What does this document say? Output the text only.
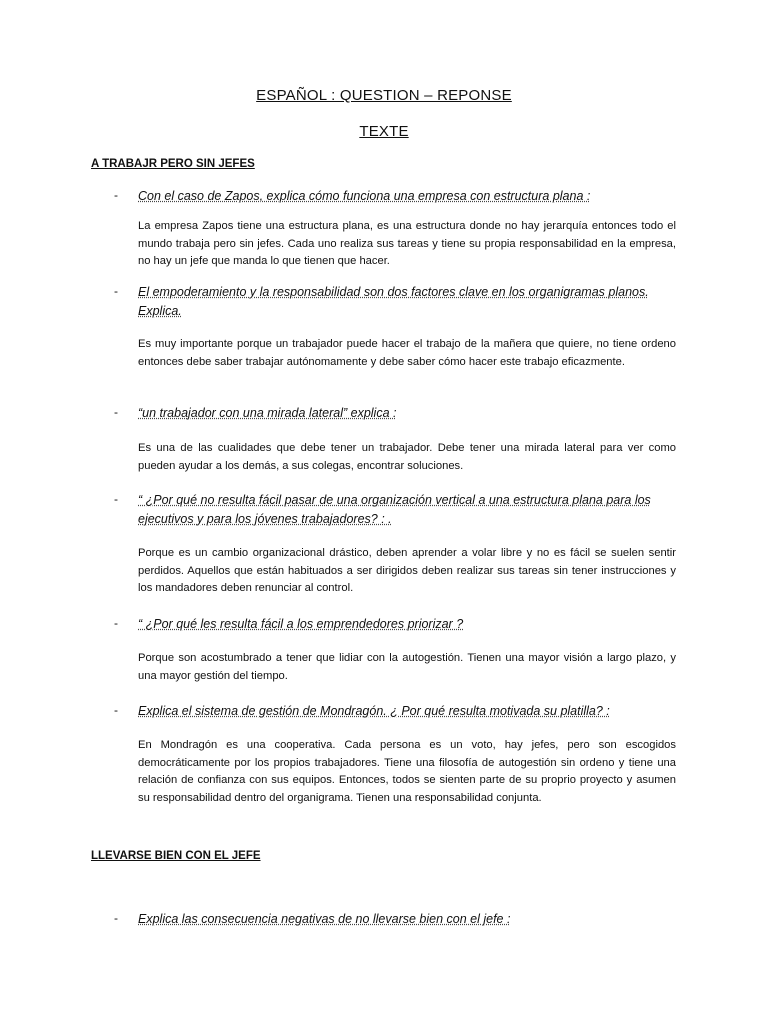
ESPAÑOL : QUESTION – REPONSE
TEXTE
A TRABAJR PERO SIN JEFES
- Con el caso de Zapos, explica cómo funciona una empresa con estructura plana :
La empresa Zapos tiene una estructura plana, es una estructura donde no hay jerarquía entonces todo el mundo trabaja pero sin jefes. Cada uno realiza sus tareas y tiene su propia responsabilidad en la empresa, no hay un jefe que manda lo que tienen que hacer.
- El empoderamiento y la responsabilidad son dos factores clave en los organigramas planos. Explica.
Es muy importante porque un trabajador puede hacer el trabajo de la mañera que quiere, no tiene ordeno entonces debe saber trabajar autónomamente y debe saber cómo hacer este trabajo eficazmente.
- “un trabajador con una mirada lateral” explica :
Es una de las cualidades que debe tener un trabajador. Debe tener una mirada lateral para ver como pueden ayudar a los demás, a sus colegas, encontrar soluciones.
- “ ¿Por qué no resulta fácil pasar de una organización vertical a una estructura plana para los ejecutivos y para los jóvenes trabajadores? : .
Porque es un cambio organizacional drástico, deben aprender a volar libre y no es fácil se suelen sentir perdidos. Aquellos que están habituados a ser dirigidos deben realizar sus tareas sin tener instrucciones y los mandadores deben renunciar al control.
- “ ¿Por qué les resulta fácil a los emprendedores priorizar ?
Porque son acostumbrado a tener que lidiar con la autogestión. Tienen una mayor visión a largo plazo, y una mayor gestión del tiempo.
- Explica el sistema de gestión de Mondragón. ¿ Por qué resulta motivada su platilla? :
En Mondragón es una cooperativa. Cada persona es un voto, hay jefes, pero son escogidos democráticamente por los propios trabajadores. Tiene una filosofía de autogestión sin ordeno y tiene una relación de confianza con sus equipos. Entonces, todos se sienten parte de su proprio proyecto y asumen su responsabilidad dentro del organigrama. Tienen una responsabilidad conjunta.
LLEVARSE BIEN CON EL JEFE
- Explica las consecuencia negativas de no llevarse bien con el jefe :
